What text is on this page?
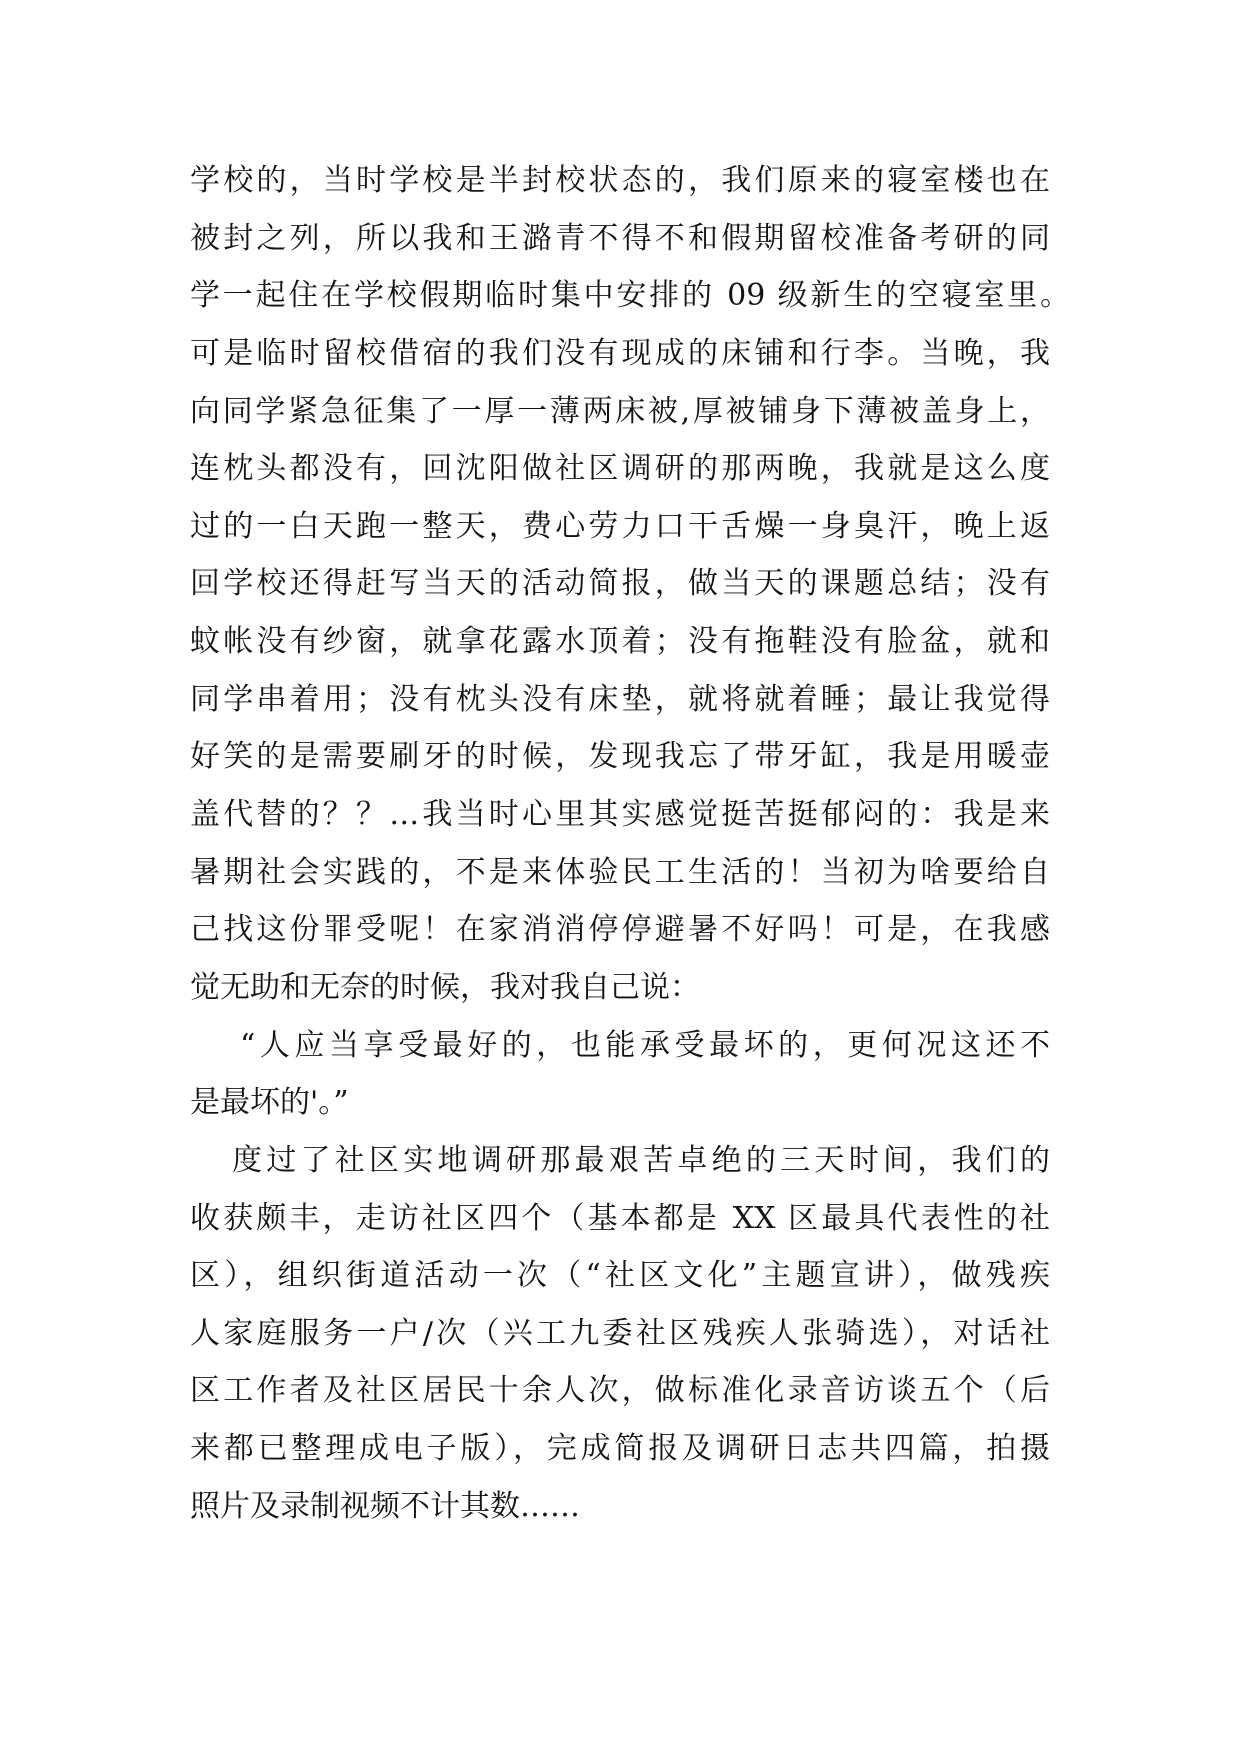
学校的，当时学校是半封校状态的，我们原来的寝室楼也在
被封之列，所以我和王潞青不得不和假期留校准备考研的同
学一起住在学校假期临时集中安排的 09 级新生的空寝室里。
可是临时留校借宿的我们没有现成的床铺和行李。当晚，我
向同学紧急征集了一厚一薄两床被,厚被铺身下薄被盖身上，
连枕头都没有，回沈阳做社区调研的那两晚，我就是这么度
过的一白天跑一整天，费心劳力口干舌燥一身臭汗，晚上返
回学校还得赶写当天的活动简报，做当天的课题总结；没有
蚊帐没有纱窗，就拿花露水顶着；没有拖鞋没有脸盆，就和
同学串着用；没有枕头没有床垫，就将就着睡；最让我觉得
好笑的是需要刷牙的时候，发现我忘了带牙缸，我是用暖壶
盖代替的？？…我当时心里其实感觉挺苦挺郁闷的：我是来
暑期社会实践的，不是来体验民工生活的！当初为啥要给自
己找这份罪受呢！在家消消停停避暑不好吗！可是，在我感
觉无助和无奈的时候，我对我自己说：
“人应当享受最好的，也能承受最坏的，更何况这还不
是最坏的'。”
度过了社区实地调研那最艰苦卓绝的三天时间，我们的
收获颇丰，走访社区四个（基本都是 XX 区最具代表性的社
区），组织街道活动一次（“社区文化”主题宣讲），做残疾
人家庭服务一户/次（兴工九委社区残疾人张骑选），对话社
区工作者及社区居民十余人次，做标准化录音访谈五个（后
来都已整理成电子版），完成简报及调研日志共四篇，拍摄
照片及录制视频不计其数……
